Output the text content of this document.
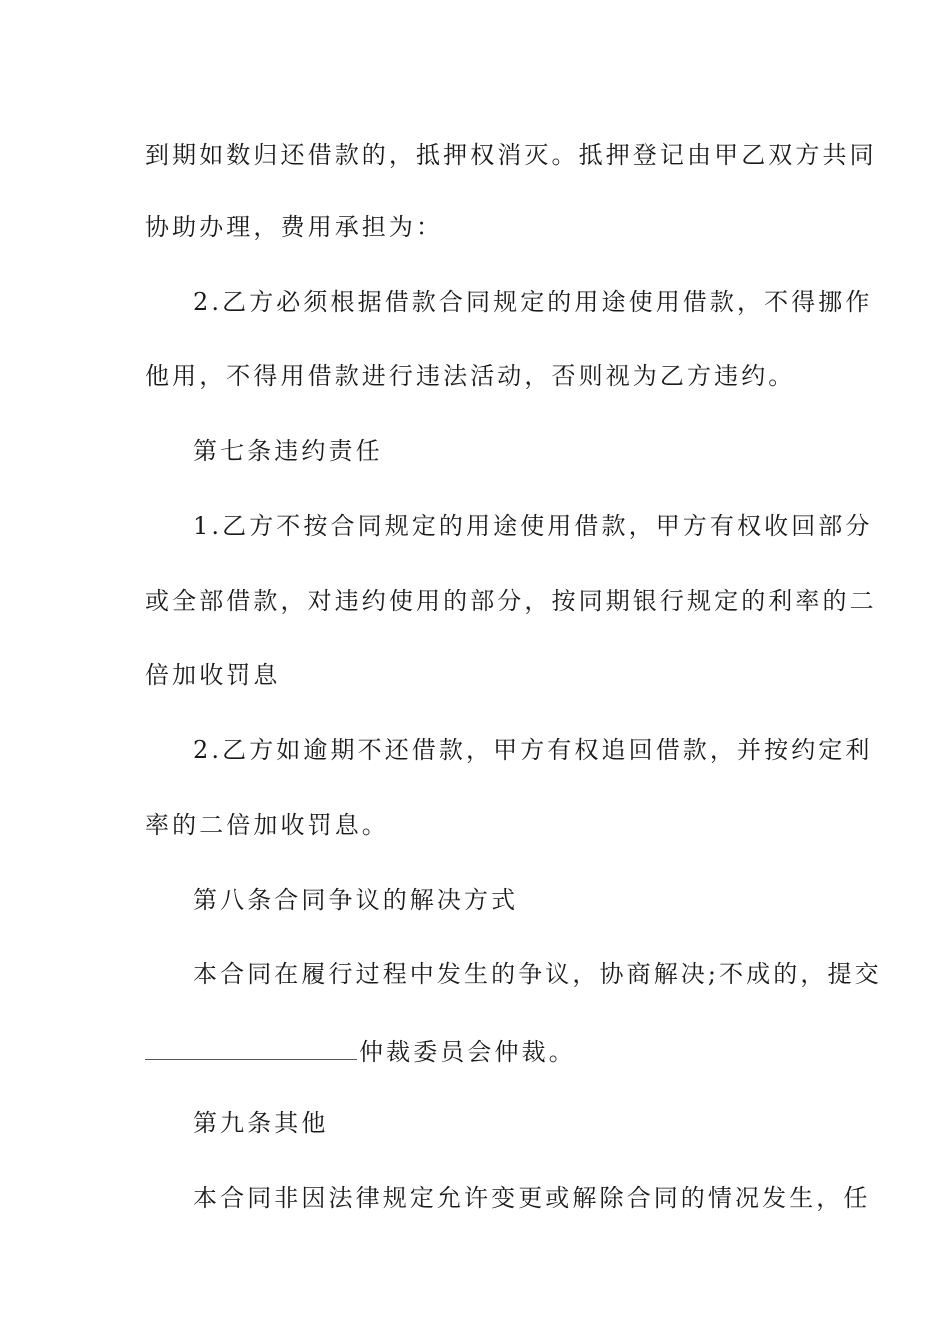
到期如数归还借款的，抵押权消灭。抵押登记由甲乙双方共同
协助办理，费用承担为：
2.乙方必须根据借款合同规定的用途使用借款，不得挪作
他用，不得用借款进行违法活动，否则视为乙方违约。
第七条违约责任
1.乙方不按合同规定的用途使用借款，甲方有权收回部分
或全部借款，对违约使用的部分，按同期银行规定的利率的二
倍加收罚息
2.乙方如逾期不还借款，甲方有权追回借款，并按约定利
率的二倍加收罚息。
第八条合同争议的解决方式
本合同在履行过程中发生的争议，协商解决;不成的，提交
仲裁委员会仲裁。
第九条其他
本合同非因法律规定允许变更或解除合同的情况发生，任
